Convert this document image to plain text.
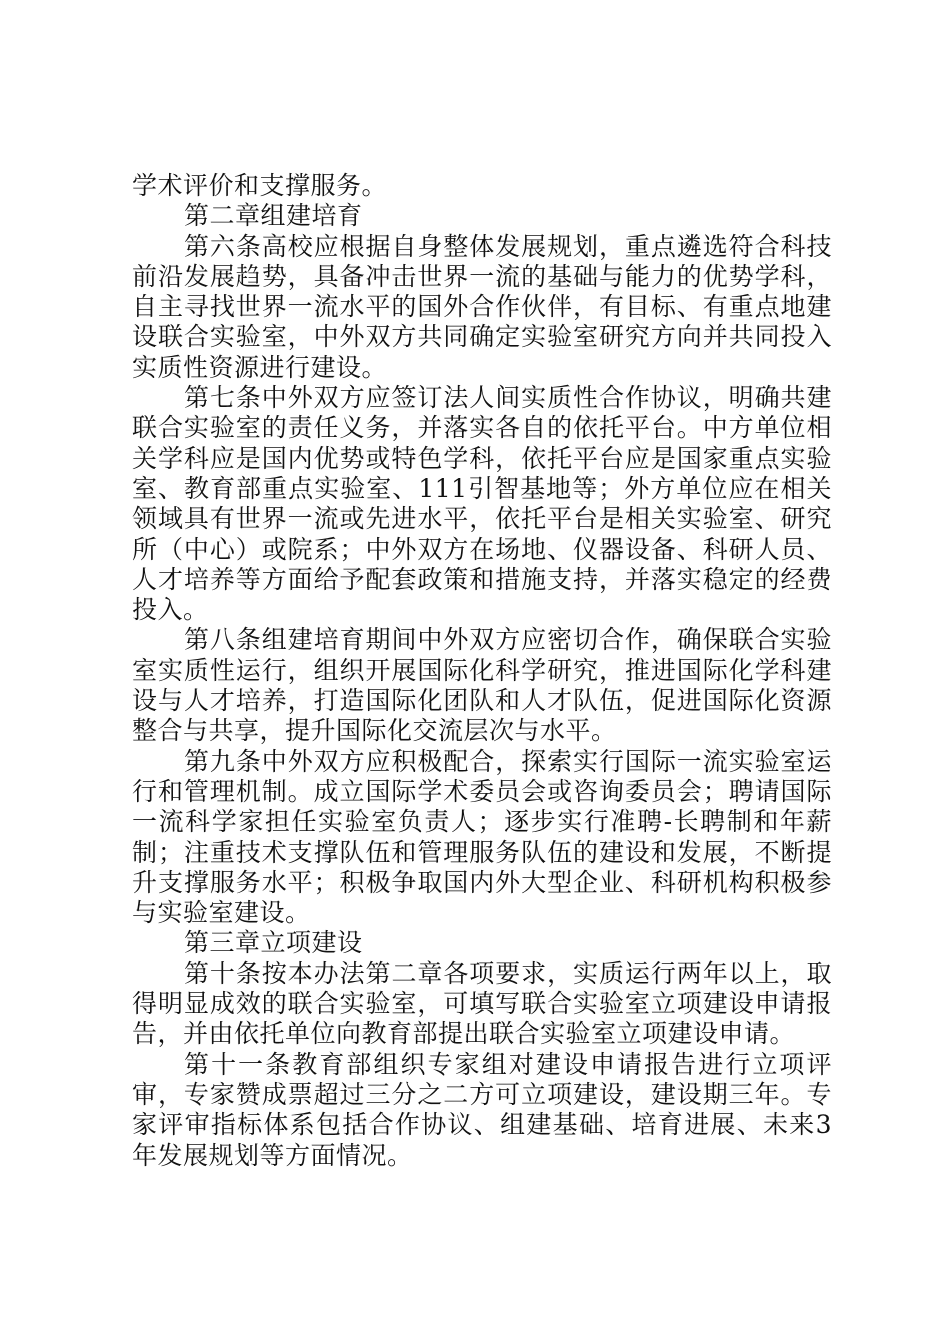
学术评价和支撑服务。

第二章组建培育

第六条高校应根据自身整体发展规划，重点遴选符合科技前沿发展趋势，具备冲击世界一流的基础与能力的优势学科，自主寻找世界一流水平的国外合作伙伴，有目标、有重点地建设联合实验室，中外双方共同确定实验室研究方向并共同投入实质性资源进行建设。

第七条中外双方应签订法人间实质性合作协议，明确共建联合实验室的责任义务，并落实各自的依托平台。中方单位相关学科应是国内优势或特色学科，依托平台应是国家重点实验室、教育部重点实验室、111引智基地等；外方单位应在相关领域具有世界一流或先进水平，依托平台是相关实验室、研究所（中心）或院系；中外双方在场地、仪器设备、科研人员、人才培养等方面给予配套政策和措施支持，并落实稳定的经费投入。

第八条组建培育期间中外双方应密切合作，确保联合实验室实质性运行，组织开展国际化科学研究，推进国际化学科建设与人才培养，打造国际化团队和人才队伍，促进国际化资源整合与共享，提升国际化交流层次与水平。

第九条中外双方应积极配合，探索实行国际一流实验室运行和管理机制。成立国际学术委员会或咨询委员会；聘请国际一流科学家担任实验室负责人；逐步实行准聘-长聘制和年薪制；注重技术支撑队伍和管理服务队伍的建设和发展，不断提升支撑服务水平；积极争取国内外大型企业、科研机构积极参与实验室建设。

第三章立项建设

第十条按本办法第二章各项要求，实质运行两年以上，取得明显成效的联合实验室，可填写联合实验室立项建设申请报告，并由依托单位向教育部提出联合实验室立项建设申请。

第十一条教育部组织专家组对建设申请报告进行立项评审，专家赞成票超过三分之二方可立项建设，建设期三年。专家评审指标体系包括合作协议、组建基础、培育进展、未来3年发展规划等方面情况。
